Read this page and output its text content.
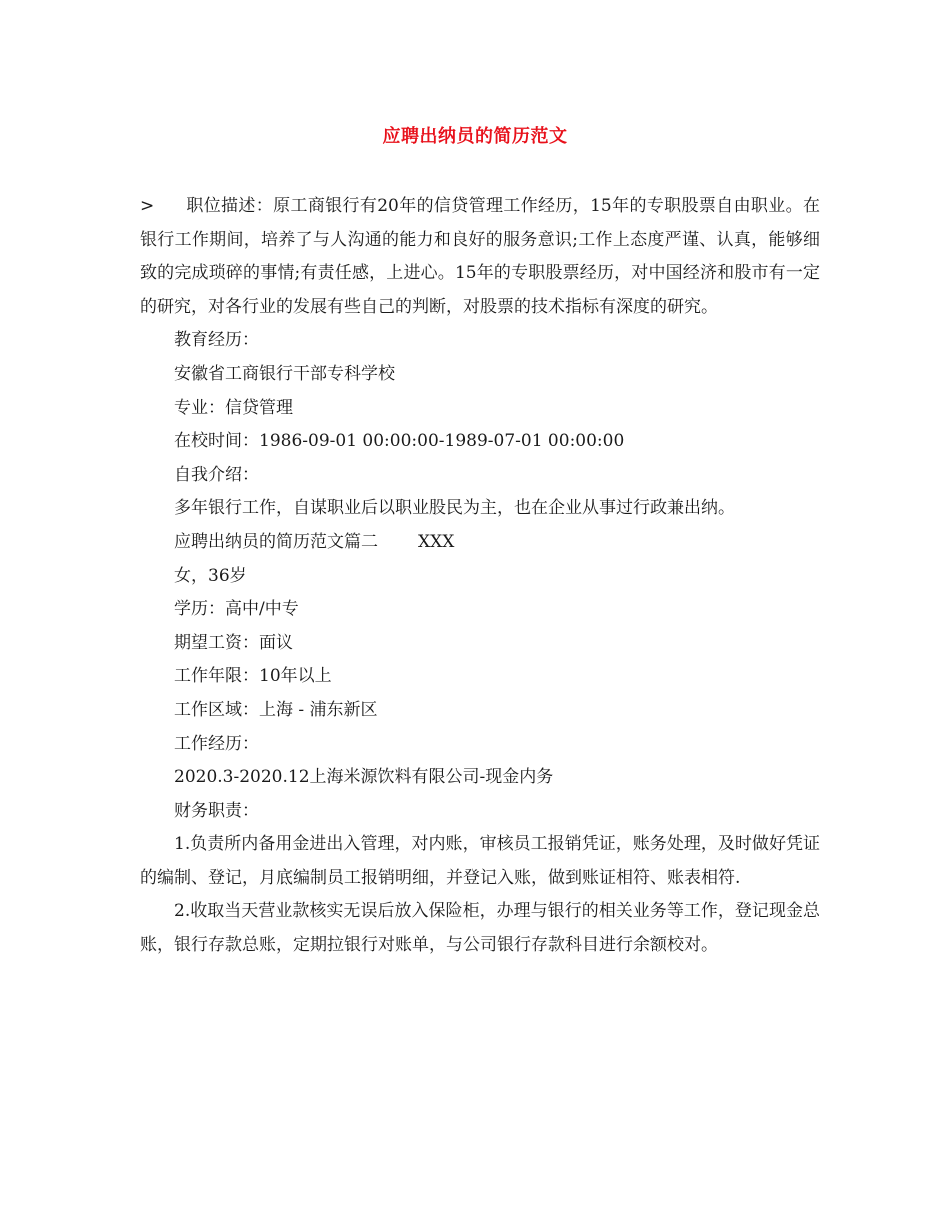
应聘出纳员的简历范文

> 职位描述：原工商银行有20年的信贷管理工作经历，15年的专职股票自由职业。在银行工作期间，培养了与人沟通的能力和良好的服务意识;工作上态度严谨、认真，能够细致的完成琐碎的事情;有责任感，上进心。15年的专职股票经历，对中国经济和股市有一定的研究，对各行业的发展有些自己的判断，对股票的技术指标有深度的研究。

教育经历：

安徽省工商银行干部专科学校

专业：信贷管理

在校时间：1986-09-01 00:00:00-1989-07-01 00:00:00

自我介绍：

多年银行工作，自谋职业后以职业股民为主，也在企业从事过行政兼出纳。

应聘出纳员的简历范文篇二 XXX

女，36岁

学历：高中/中专

期望工资：面议

工作年限：10年以上

工作区域：上海 - 浦东新区

工作经历：

2020.3-2020.12上海米源饮料有限公司-现金内务

财务职责：

1.负责所内备用金进出入管理，对内账，审核员工报销凭证，账务处理，及时做好凭证的编制、登记，月底编制员工报销明细，并登记入账，做到账证相符、账表相符.

2.收取当天营业款核实无误后放入保险柜，办理与银行的相关业务等工作，登记现金总账，银行存款总账，定期拉银行对账单，与公司银行存款科目进行余额校对。
